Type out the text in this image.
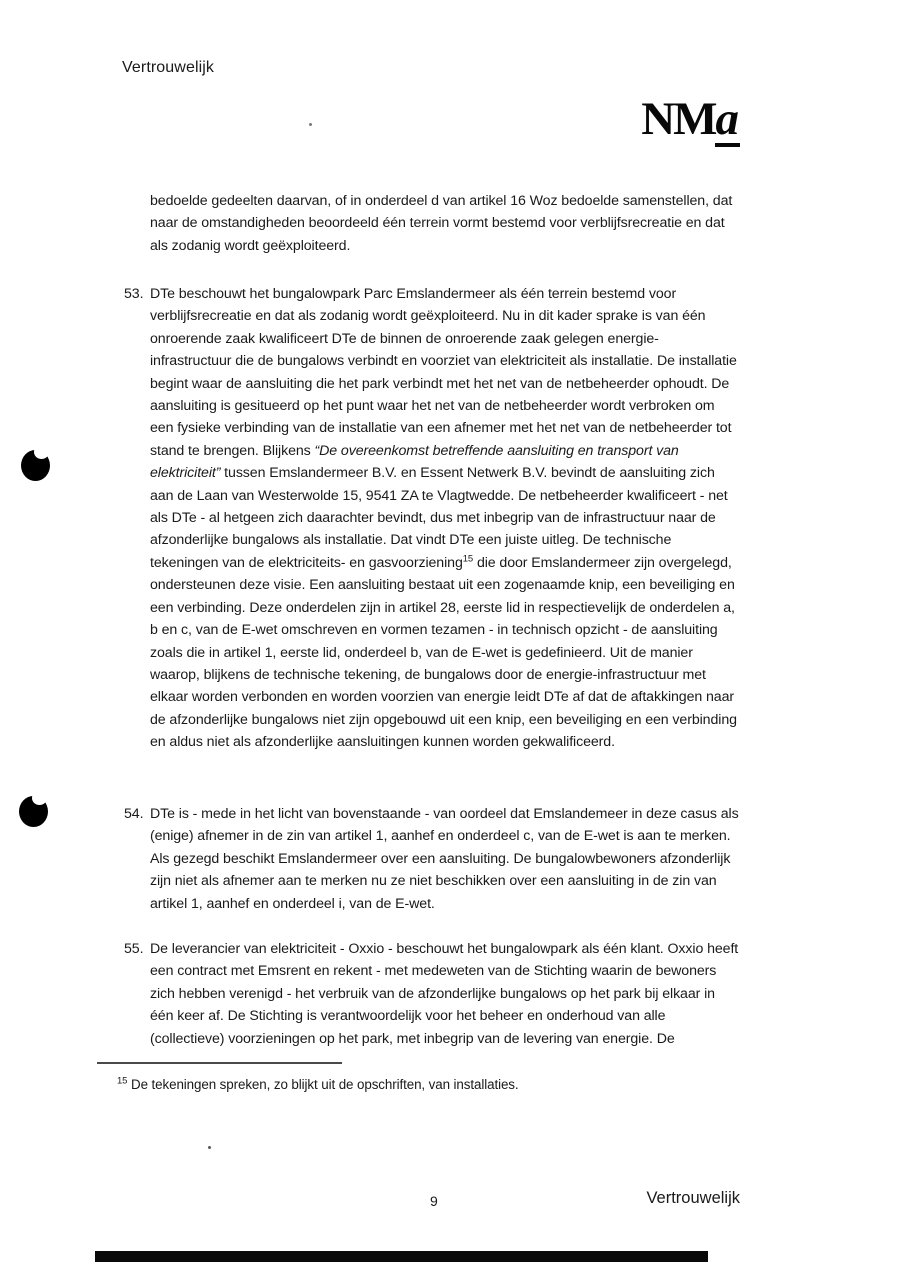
Vertrouwelijk
NMa
bedoelde gedeelten daarvan, of in onderdeel d van artikel 16 Woz bedoelde samenstellen, dat naar de omstandigheden beoordeeld één terrein vormt bestemd voor verblijfsrecreatie en dat als zodanig wordt geëxploiteerd.
53. DTe beschouwt het bungalowpark Parc Emslandermeer als één terrein bestemd voor verblijfsrecreatie en dat als zodanig wordt geëxploiteerd. Nu in dit kader sprake is van één onroerende zaak kwalificeert DTe de binnen de onroerende zaak gelegen energie-infrastructuur die de bungalows verbindt en voorziet van elektriciteit als installatie. De installatie begint waar de aansluiting die het park verbindt met het net van de netbeheerder ophoudt. De aansluiting is gesitueerd op het punt waar het net van de netbeheerder wordt verbroken om een fysieke verbinding van de installatie van een afnemer met het net van de netbeheerder tot stand te brengen. Blijkens “De overeenkomst betreffende aansluiting en transport van elektriciteit” tussen Emslandermeer B.V. en Essent Netwerk B.V. bevindt de aansluiting zich aan de Laan van Westerwolde 15, 9541 ZA te Vlagtwedde. De netbeheerder kwalificeert - net als DTe - al hetgeen zich daarachter bevindt, dus met inbegrip van de infrastructuur naar de afzonderlijke bungalows als installatie. Dat vindt DTe een juiste uitleg. De technische tekeningen van de elektriciteits- en gasvoorziening$^{15}$ die door Emslandermeer zijn overgelegd, ondersteunen deze visie. Een aansluiting bestaat uit een zogenaamde knip, een beveiliging en een verbinding. Deze onderdelen zijn in artikel 28, eerste lid in respectievelijk de onderdelen a, b en c, van de E-wet omschreven en vormen tezamen - in technisch opzicht - de aansluiting zoals die in artikel 1, eerste lid, onderdeel b, van de E-wet is gedefinieerd. Uit de manier waarop, blijkens de technische tekening, de bungalows door de energie-infrastructuur met elkaar worden verbonden en worden voorzien van energie leidt DTe af dat de aftakkingen naar de afzonderlijke bungalows niet zijn opgebouwd uit een knip, een beveiliging en een verbinding en aldus niet als afzonderlijke aansluitingen kunnen worden gekwalificeerd.
54. DTe is - mede in het licht van bovenstaande - van oordeel dat Emslandemeer in deze casus als (enige) afnemer in de zin van artikel 1, aanhef en onderdeel c, van de E-wet is aan te merken. Als gezegd beschikt Emslandermeer over een aansluiting. De bungalowbewoners afzonderlijk zijn niet als afnemer aan te merken nu ze niet beschikken over een aansluiting in de zin van artikel 1, aanhef en onderdeel i, van de E-wet.
55. De leverancier van elektriciteit - Oxxio - beschouwt het bungalowpark als één klant. Oxxio heeft een contract met Emsrent en rekent - met medeweten van de Stichting waarin de bewoners zich hebben verenigd - het verbruik van de afzonderlijke bungalows op het park bij elkaar in één keer af. De Stichting is verantwoordelijk voor het beheer en onderhoud van alle (collectieve) voorzieningen op het park, met inbegrip van de levering van energie. De
$^{15}$ De tekeningen spreken, zo blijkt uit de opschriften, van installaties.
9	Vertrouwelijk
